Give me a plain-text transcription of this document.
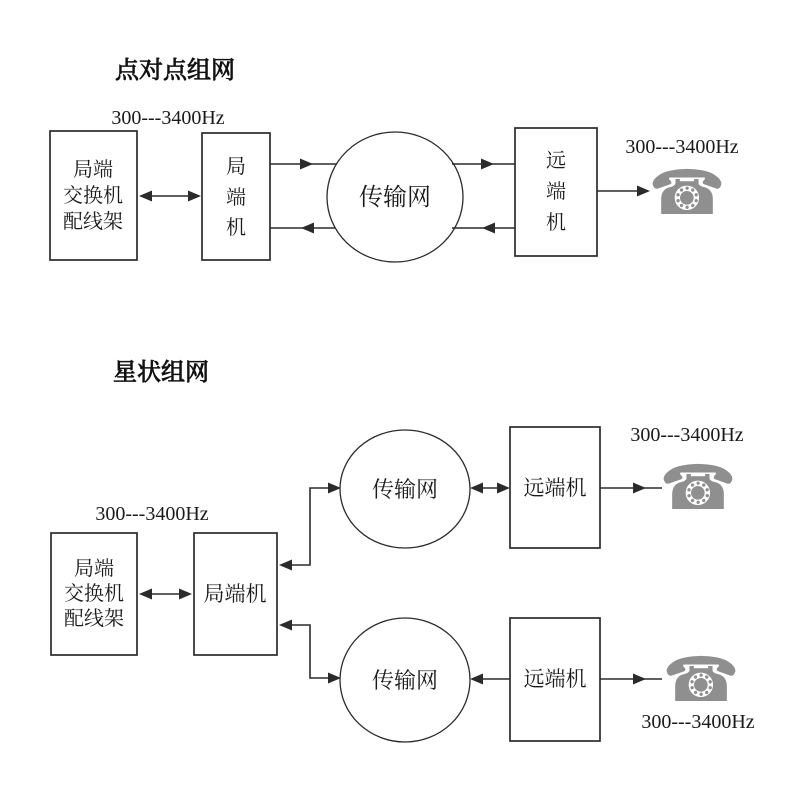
点对点组网
300---3400Hz
局端
交换机
配线架
局
端
机
传输网
远
端
机
300---3400Hz
☎
星状组网
300---3400Hz
局端
交换机
配线架
局端机
传输网	远端机
300---3400Hz
☎
传输网	远端机 ☎
300---3400Hz
